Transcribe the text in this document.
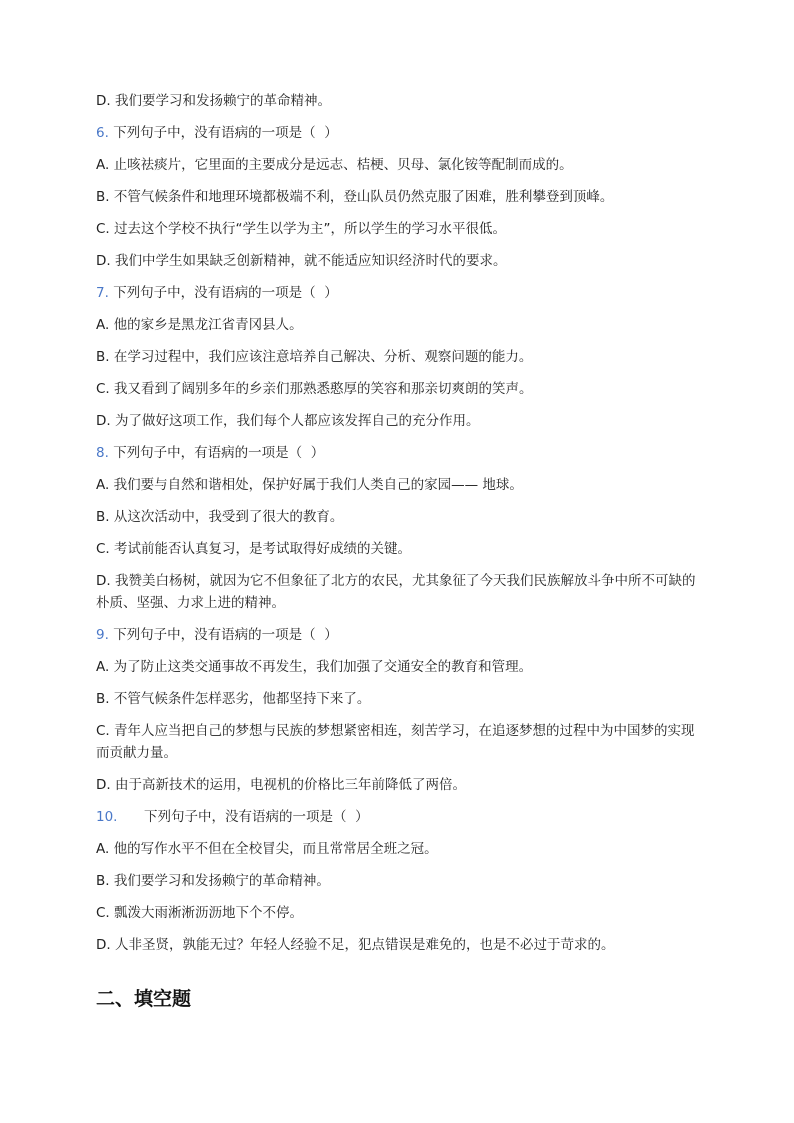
D. 我们要学习和发扬赖宁的革命精神。

6. 下列句子中，没有语病的一项是（  ）

A. 止咳祛痰片，它里面的主要成分是远志、桔梗、贝母、氯化铵等配制而成的。

B. 不管气候条件和地理环境都极端不利，登山队员仍然克服了困难，胜利攀登到顶峰。

C. 过去这个学校不执行“学生以学为主”，所以学生的学习水平很低。

D. 我们中学生如果缺乏创新精神，就不能适应知识经济时代的要求。

7. 下列句子中，没有语病的一项是（  ）

A. 他的家乡是黑龙江省青冈县人。

B. 在学习过程中，我们应该注意培养自己解决、分析、观察问题的能力。

C. 我又看到了阔别多年的乡亲们那熟悉憨厚的笑容和那亲切爽朗的笑声。

D. 为了做好这项工作，我们每个人都应该发挥自己的充分作用。

8. 下列句子中，有语病的一项是（  ）

A. 我们要与自然和谐相处，保护好属于我们人类自己的家园—— 地球。

B. 从这次活动中，我受到了很大的教育。

C. 考试前能否认真复习，是考试取得好成绩的关键。

D. 我赞美白杨树，就因为它不但象征了北方的农民，尤其象征了今天我们民族解放斗争中所不可缺的朴质、坚强、力求上进的精神。

9. 下列句子中，没有语病的一项是（  ）

A. 为了防止这类交通事故不再发生，我们加强了交通安全的教育和管理。

B. 不管气候条件怎样恶劣，他都坚持下来了。

C. 青年人应当把自己的梦想与民族的梦想紧密相连，刻苦学习，在追逐梦想的过程中为中国梦的实现而贡献力量。

D. 由于高新技术的运用，电视机的价格比三年前降低了两倍。

10. 下列句子中，没有语病的一项是（  ）

A. 他的写作水平不但在全校冒尖，而且常常居全班之冠。

B. 我们要学习和发扬赖宁的革命精神。

C. 瓢泼大雨淅淅沥沥地下个不停。

D. 人非圣贤，孰能无过？年轻人经验不足，犯点错误是难免的，也是不必过于苛求的。

二、填空题
